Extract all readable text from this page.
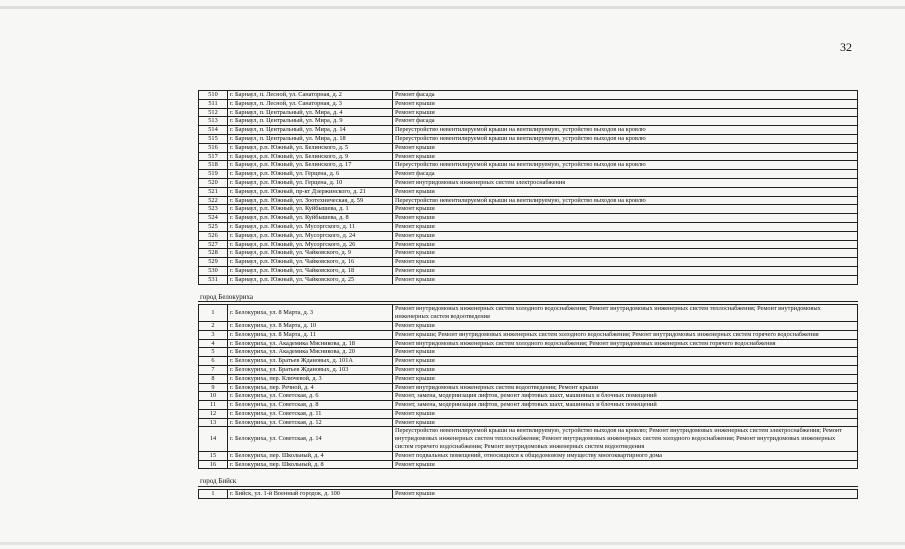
32
510	г. Барнаул, п. Лесной, ул. Санаторная, д. 2	Ремонт фасада
511	г. Барнаул, п. Лесной, ул. Санаторная, д. 3	Ремонт крыши
512	г. Барнаул, п. Центральный, ул. Мира, д. 4	Ремонт крыши
513	г. Барнаул, п. Центральный, ул. Мира, д. 9	Ремонт фасада
514	г. Барнаул, п. Центральный, ул. Мира, д. 14	Переустройство невентилируемой крыши на вентилируемую, устройство выходов на кровлю
515	г. Барнаул, п. Центральный, ул. Мира, д. 18	Переустройство невентилируемой крыши на вентилируемую, устройство выходов на кровлю
516	г. Барнаул, р.п. Южный, ул. Белинского, д. 5	Ремонт крыши
517	г. Барнаул, р.п. Южный, ул. Белинского, д. 9	Ремонт крыши
518	г. Барнаул, р.п. Южный, ул. Белинского, д. 17	Переустройство невентилируемой крыши на вентилируемую, устройство выходов на кровлю
519	г. Барнаул, р.п. Южный, ул. Герцена, д. 6	Ремонт фасада
520	г. Барнаул, р.п. Южный, ул. Герцена, д. 10	Ремонт внутридомовых инженерных систем электроснабжения
521	г. Барнаул, р.п. Южный, пр-кт Дзержинского, д. 21	Ремонт крыши
522	г. Барнаул, р.п. Южный, ул. Зоотехническая, д. 59	Переустройство невентилируемой крыши на вентилируемую, устройство выходов на кровлю
523	г. Барнаул, р.п. Южный, ул. Куйбышева, д. 1	Ремонт крыши
524	г. Барнаул, р.п. Южный, ул. Куйбышева, д. 8	Ремонт крыши
525	г. Барнаул, р.п. Южный, ул. Мусоргского, д. 11	Ремонт крыши
526	г. Барнаул, р.п. Южный, ул. Мусоргского, д. 24	Ремонт крыши
527	г. Барнаул, р.п. Южный, ул. Мусоргского, д. 26	Ремонт крыши
528	г. Барнаул, р.п. Южный, ул. Чайковского, д. 9	Ремонт крыши
529	г. Барнаул, р.п. Южный, ул. Чайковского, д. 16	Ремонт крыши
530	г. Барнаул, р.п. Южный, ул. Чайковского, д. 18	Ремонт крыши
531	г. Барнаул, р.п. Южный, ул. Чайковского, д. 25	Ремонт крыши
город Белокуриха
1	г. Белокуриха, ул. 8 Марта, д. 3	Ремонт внутридомовых инженерных систем холодного водоснабжения; Ремонт внутридомовых инженерных систем теплоснабжения; Ремонт внутридомовых инженерных систем водоотведения
2	г. Белокуриха, ул. 8 Марта, д. 10	Ремонт крыши
3	г. Белокуриха, ул. 8 Марта, д. 11	Ремонт крыши; Ремонт внутридомовых инженерных систем холодного водоснабжения; Ремонт внутридомовых инженерных систем горячего водоснабжения
4	г. Белокуриха, ул. Академика Мясникова, д. 18	Ремонт внутридомовых инженерных систем холодного водоснабжения; Ремонт внутридомовых инженерных систем горячего водоснабжения
5	г. Белокуриха, ул. Академика Мясникова, д. 20	Ремонт крыши
6	г. Белокуриха, ул. Братьев Ждановых, д. 101А	Ремонт крыши
7	г. Белокуриха, ул. Братьев Ждановых, д. 103	Ремонт крыши
8	г. Белокуриха, пер. Ключевой, д. 3	Ремонт крыши
9	г. Белокуриха, пер. Речной, д. 4	Ремонт внутридомовых инженерных систем водоотведения; Ремонт крыши
10	г. Белокуриха, ул. Советская, д. 6	Ремонт, замена, модернизация лифтов, ремонт лифтовых шахт, машинных и блочных помещений
11	г. Белокуриха, ул. Советская, д. 8	Ремонт, замена, модернизация лифтов, ремонт лифтовых шахт, машинных и блочных помещений
12	г. Белокуриха, ул. Советская, д. 11	Ремонт крыши
13	г. Белокуриха, ул. Советская, д. 12	Ремонт крыши
14	г. Белокуриха, ул. Советская, д. 14	Переустройство невентилируемой крыши на вентилируемую, устройство выходов на кровлю; Ремонт внутридомовых инженерных систем электроснабжения; Ремонт внутридомовых инженерных систем теплоснабжения; Ремонт внутридомовых инженерных систем холодного водоснабжения; Ремонт внутридомовых инженерных систем горячего водоснабжения; Ремонт внутридомовых инженерных систем водоотведения
15	г. Белокуриха, пер. Школьный, д. 4	Ремонт подвальных помещений, относящихся к общедомовому имуществу многоквартирного дома
16	г. Белокуриха, пер. Школьный, д. 8	Ремонт крыши
город Бийск
1	г. Бийск, ул. 1-й Военный городок, д. 100	Ремонт крыши
